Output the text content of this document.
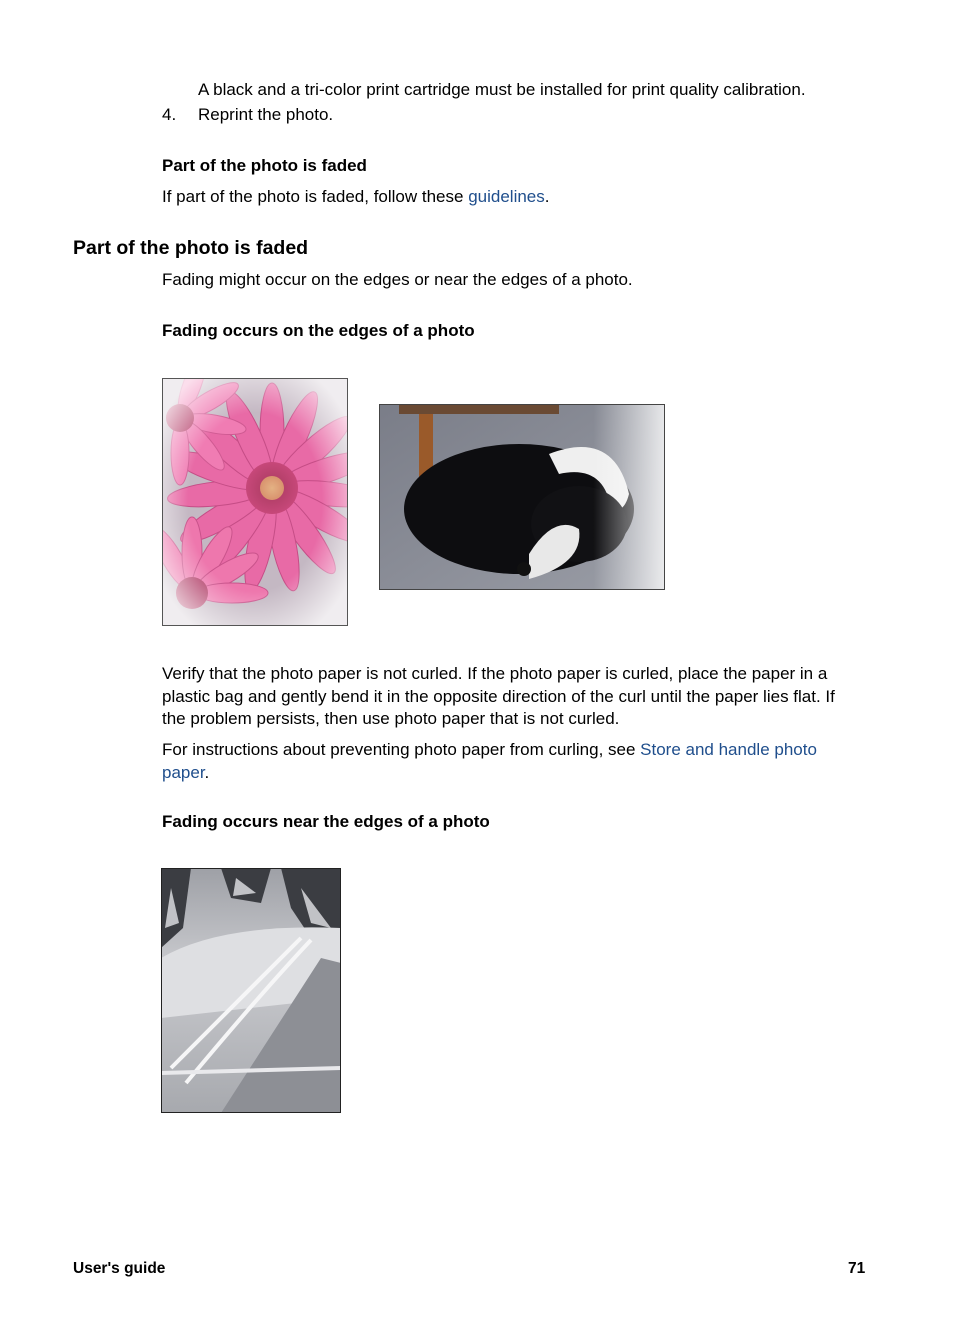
A black and a tri-color print cartridge must be installed for print quality calibration.
4. Reprint the photo.
Part of the photo is faded
If part of the photo is faded, follow these guidelines.
Part of the photo is faded
Fading might occur on the edges or near the edges of a photo.
Fading occurs on the edges of a photo
Verify that the photo paper is not curled. If the photo paper is curled, place the paper in a plastic bag and gently bend it in the opposite direction of the curl until the paper lies flat. If the problem persists, then use photo paper that is not curled.
For instructions about preventing photo paper from curling, see Store and handle photo paper.
Fading occurs near the edges of a photo
User's guide	71
